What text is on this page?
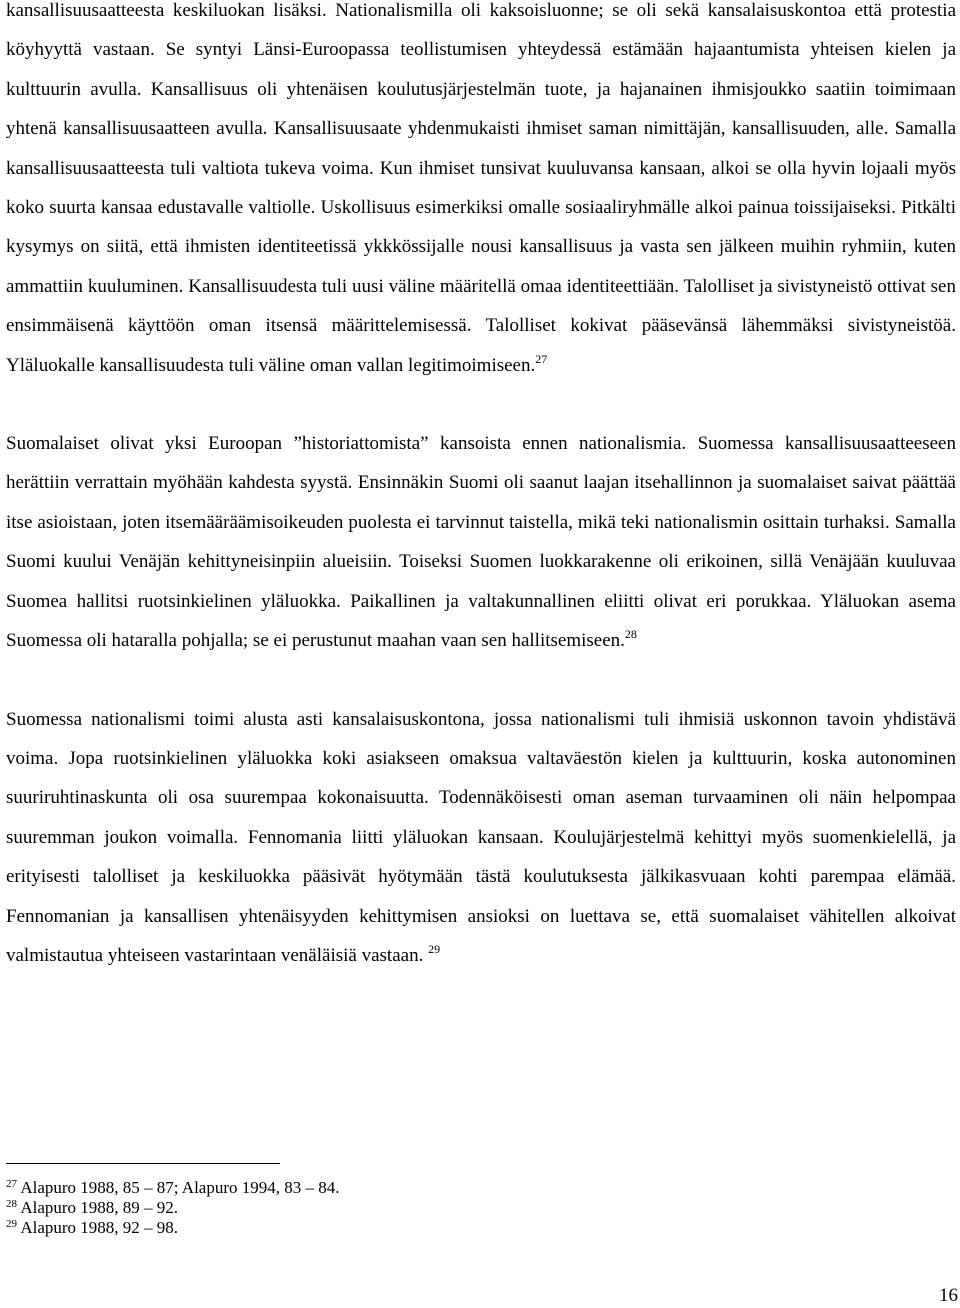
kansallisuusaatteesta keskiluokan lisäksi. Nationalismilla oli kaksoisluonne; se oli sekä kansalaisuskontoa että protestia köyhyyttä vastaan. Se syntyi Länsi-Euroopassa teollistumisen yhteydessä estämään hajaantumista yhteisen kielen ja kulttuurin avulla. Kansallisuus oli yhtenäisen koulutusjärjestelmän tuote, ja hajanainen ihmisjoukko saatiin toimimaan yhtenä kansallisuusaatteen avulla. Kansallisuusaate yhdenmukaisti ihmiset saman nimittäjän, kansallisuuden, alle. Samalla kansallisuusaatteesta tuli valtiota tukeva voima. Kun ihmiset tunsivat kuuluvansa kansaan, alkoi se olla hyvin lojaali myös koko suurta kansaa edustavalle valtiolle. Uskollisuus esimerkiksi omalle sosiaaliryhmälle alkoi painua toissijaiseksi. Pitkälti kysymys on siitä, että ihmisten identiteetissä ykkkössijalle nousi kansallisuus ja vasta sen jälkeen muihin ryhmiin, kuten ammattiin kuuluminen. Kansallisuudesta tuli uusi väline määritellä omaa identiteettiään. Talolliset ja sivistyneistö ottivat sen ensimmäisenä käyttöön oman itsensä määrittelemisessä. Talolliset kokivat pääsevänsä lähemmäksi sivistyneistöä. Yläluokalle kansallisuudesta tuli väline oman vallan legitimoimiseen.$^{27}$

Suomalaiset olivat yksi Euroopan ”historiattomista” kansoista ennen nationalismia. Suomessa kansallisuusaatteeseen herättiin verrattain myöhään kahdesta syystä. Ensinnäkin Suomi oli saanut laajan itsehallinnon ja suomalaiset saivat päättää itse asioistaan, joten itsemääräämisoikeuden puolesta ei tarvinnut taistella, mikä teki nationalismin osittain turhaksi. Samalla Suomi kuului Venäjän kehittyneisinpiin alueisiin. Toiseksi Suomen luokkarakenne oli erikoinen, sillä Venäjään kuuluvaa Suomea hallitsi ruotsinkielinen yläluokka. Paikallinen ja valtakunnallinen eliitti olivat eri porukkaa. Yläluokan asema Suomessa oli hataralla pohjalla; se ei perustunut maahan vaan sen hallitsemiseen.$^{28}$

Suomessa nationalismi toimi alusta asti kansalaisuskontona, jossa nationalismi tuli ihmisiä uskonnon tavoin yhdistävä voima. Jopa ruotsinkielinen yläluokka koki asiakseen omaksua valtaväestön kielen ja kulttuurin, koska autonominen suuriruhtinaskunta oli osa suurempaa kokonaisuutta. Todennäköisesti oman aseman turvaaminen oli näin helpompaa suuremman joukon voimalla. Fennomania liitti yläluokan kansaan. Koulujärjestelmä kehittyi myös suomenkielellä, ja erityisesti talolliset ja keskiluokka pääsivät hyötymään tästä koulutuksesta jälkikasvuaan kohti parempaa elämää. Fennomanian ja kansallisen yhtenäisyyden kehittymisen ansioksi on luettava se, että suomalaiset vähitellen alkoivat valmistautua yhteiseen vastarintaan venäläisiä vastaan. $^{29}$

$^{27}$ Alapuro 1988, 85 – 87; Alapuro 1994, 83 – 84.

$^{28}$ Alapuro 1988, 89 – 92.

$^{29}$ Alapuro 1988, 92 – 98.

16
